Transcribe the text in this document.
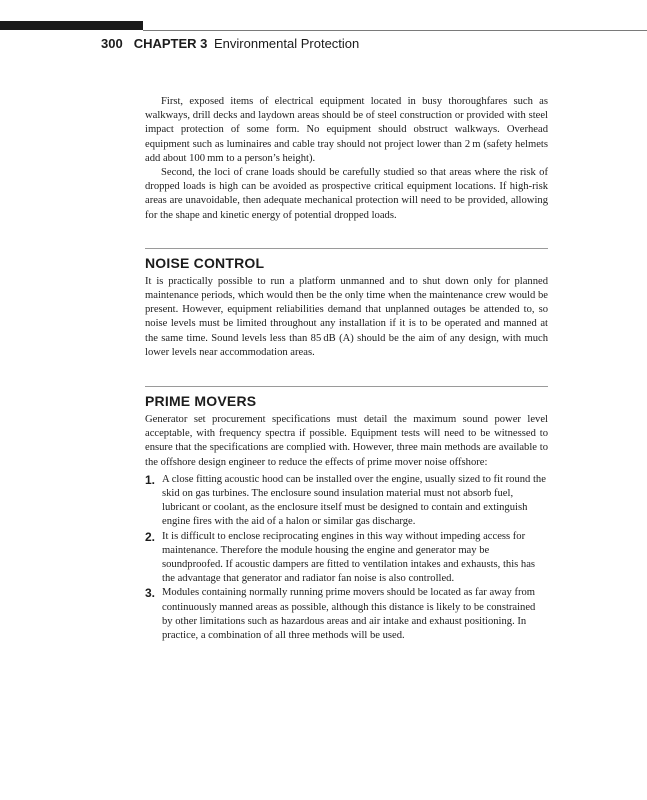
300 CHAPTER 3 Environmental Protection

First, exposed items of electrical equipment located in busy thoroughfares such as walkways, drill decks and laydown areas should be of steel construction or provided with steel impact protection of some form. No equipment should obstruct walkways. Overhead equipment such as luminaires and cable tray should not project lower than 2 m (safety helmets add about 100 mm to a person’s height).

Second, the loci of crane loads should be carefully studied so that areas where the risk of dropped loads is high can be avoided as prospective critical equipment locations. If high-risk areas are unavoidable, then adequate mechanical protection will need to be provided, allowing for the shape and kinetic energy of potential dropped loads.

NOISE CONTROL

It is practically possible to run a platform unmanned and to shut down only for planned maintenance periods, which would then be the only time when the maintenance crew would be present. However, equipment reliabilities demand that unplanned outages be attended to, so noise levels must be limited throughout any installation if it is to be operated and manned at the same time. Sound levels less than 85 dB (A) should be the aim of any design, with much lower levels near accommodation areas.

PRIME MOVERS

Generator set procurement specifications must detail the maximum sound power level acceptable, with frequency spectra if possible. Equipment tests will need to be witnessed to ensure that the specifications are complied with. However, three main methods are available to the offshore design engineer to reduce the effects of prime mover noise offshore:

1. A close fitting acoustic hood can be installed over the engine, usually sized to fit round the skid on gas turbines. The enclosure sound insulation material must not absorb fuel, lubricant or coolant, as the enclosure itself must be designed to contain and extinguish engine fires with the aid of a halon or similar gas discharge.
2. It is difficult to enclose reciprocating engines in this way without impeding access for maintenance. Therefore the module housing the engine and generator may be soundproofed. If acoustic dampers are fitted to ventilation intakes and exhausts, this has the advantage that generator and radiator fan noise is also controlled.
3. Modules containing normally running prime movers should be located as far away from continuously manned areas as possible, although this distance is likely to be constrained by other limitations such as hazardous areas and air intake and exhaust positioning. In practice, a combination of all three methods will be used.
